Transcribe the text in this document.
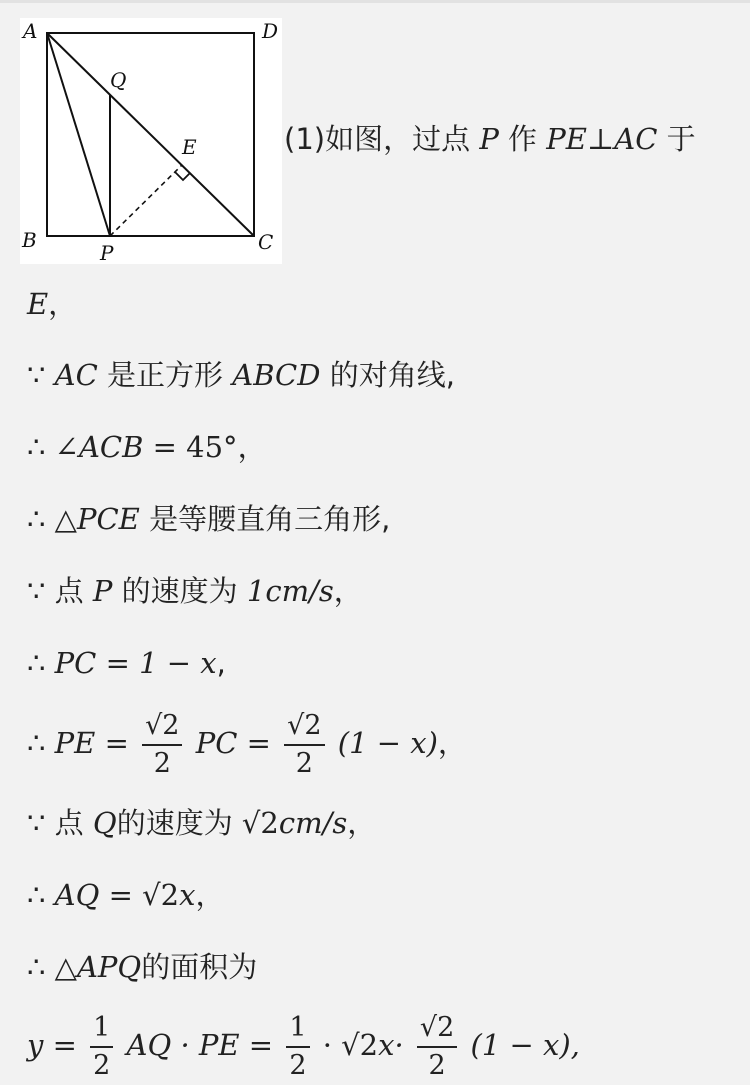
A	D
B	C
P
Q
E	(1)如图，过点 P 作 PE⊥AC 于
E，
∵ AC 是正方形 ABCD 的对角线,
∴ ∠ACB = 45°，
∴ △PCE 是等腰直角三角形,
∵ 点 P 的速度为 1cm/s，
∴ PC = 1 − x,
∴ PE = $\frac{√2}{2}$ PC = $\frac{√2}{2} (1 - x)$，
∵ 点 Q的速度为 √2cm/s，
∴ AQ = √2x，
∴ △APQ的面积为
$y = \frac{1}{2}$ AQ · PE = $\frac{1}{2} \cdot √2x\cdot \frac{√2}{2} (1 - x)$,
